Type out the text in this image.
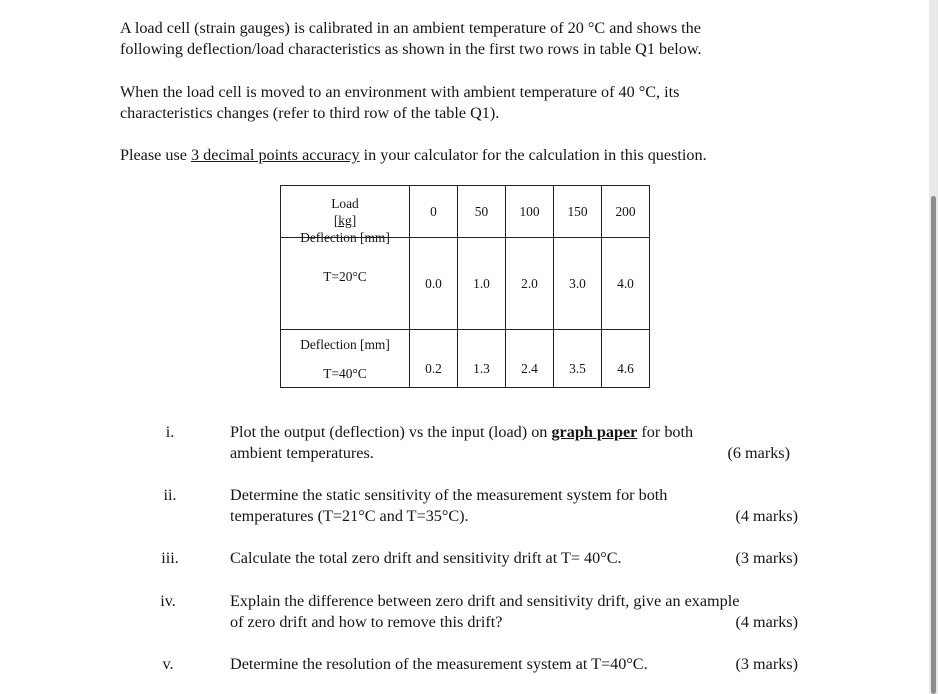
A load cell (strain gauges) is calibrated in an ambient temperature of 20 °C and shows the
following deflection/load characteristics as shown in the first two rows in table Q1 below.

When the load cell is moved to an environment with ambient temperature of 40 °C, its
characteristics changes (refer to third row of the table Q1).

Please use 3 decimal points accuracy in your calculator for the calculation in this question.

Load
[kg]	0	50	100	150	200

Deflection [mm]
T=20°C	0.0	1.0	2.0	3.0	4.0

Deflection [mm]
T=40°C	0.2	1.3	2.4	3.5	4.6
i.	Plot the output (deflection) vs the input (load) on graph paper for both
ambient temperatures.	(6 marks)
ii.	Determine the static sensitivity of the measurement system for both
temperatures (T=21°C and T=35°C).	(4 marks)
iii.	Calculate the total zero drift and sensitivity drift at T= 40°C.	(3 marks)
iv.	Explain the difference between zero drift and sensitivity drift, give an example
of zero drift and how to remove this drift?	(4 marks)
v.	Determine the resolution of the measurement system at T=40°C.	(3 marks)
